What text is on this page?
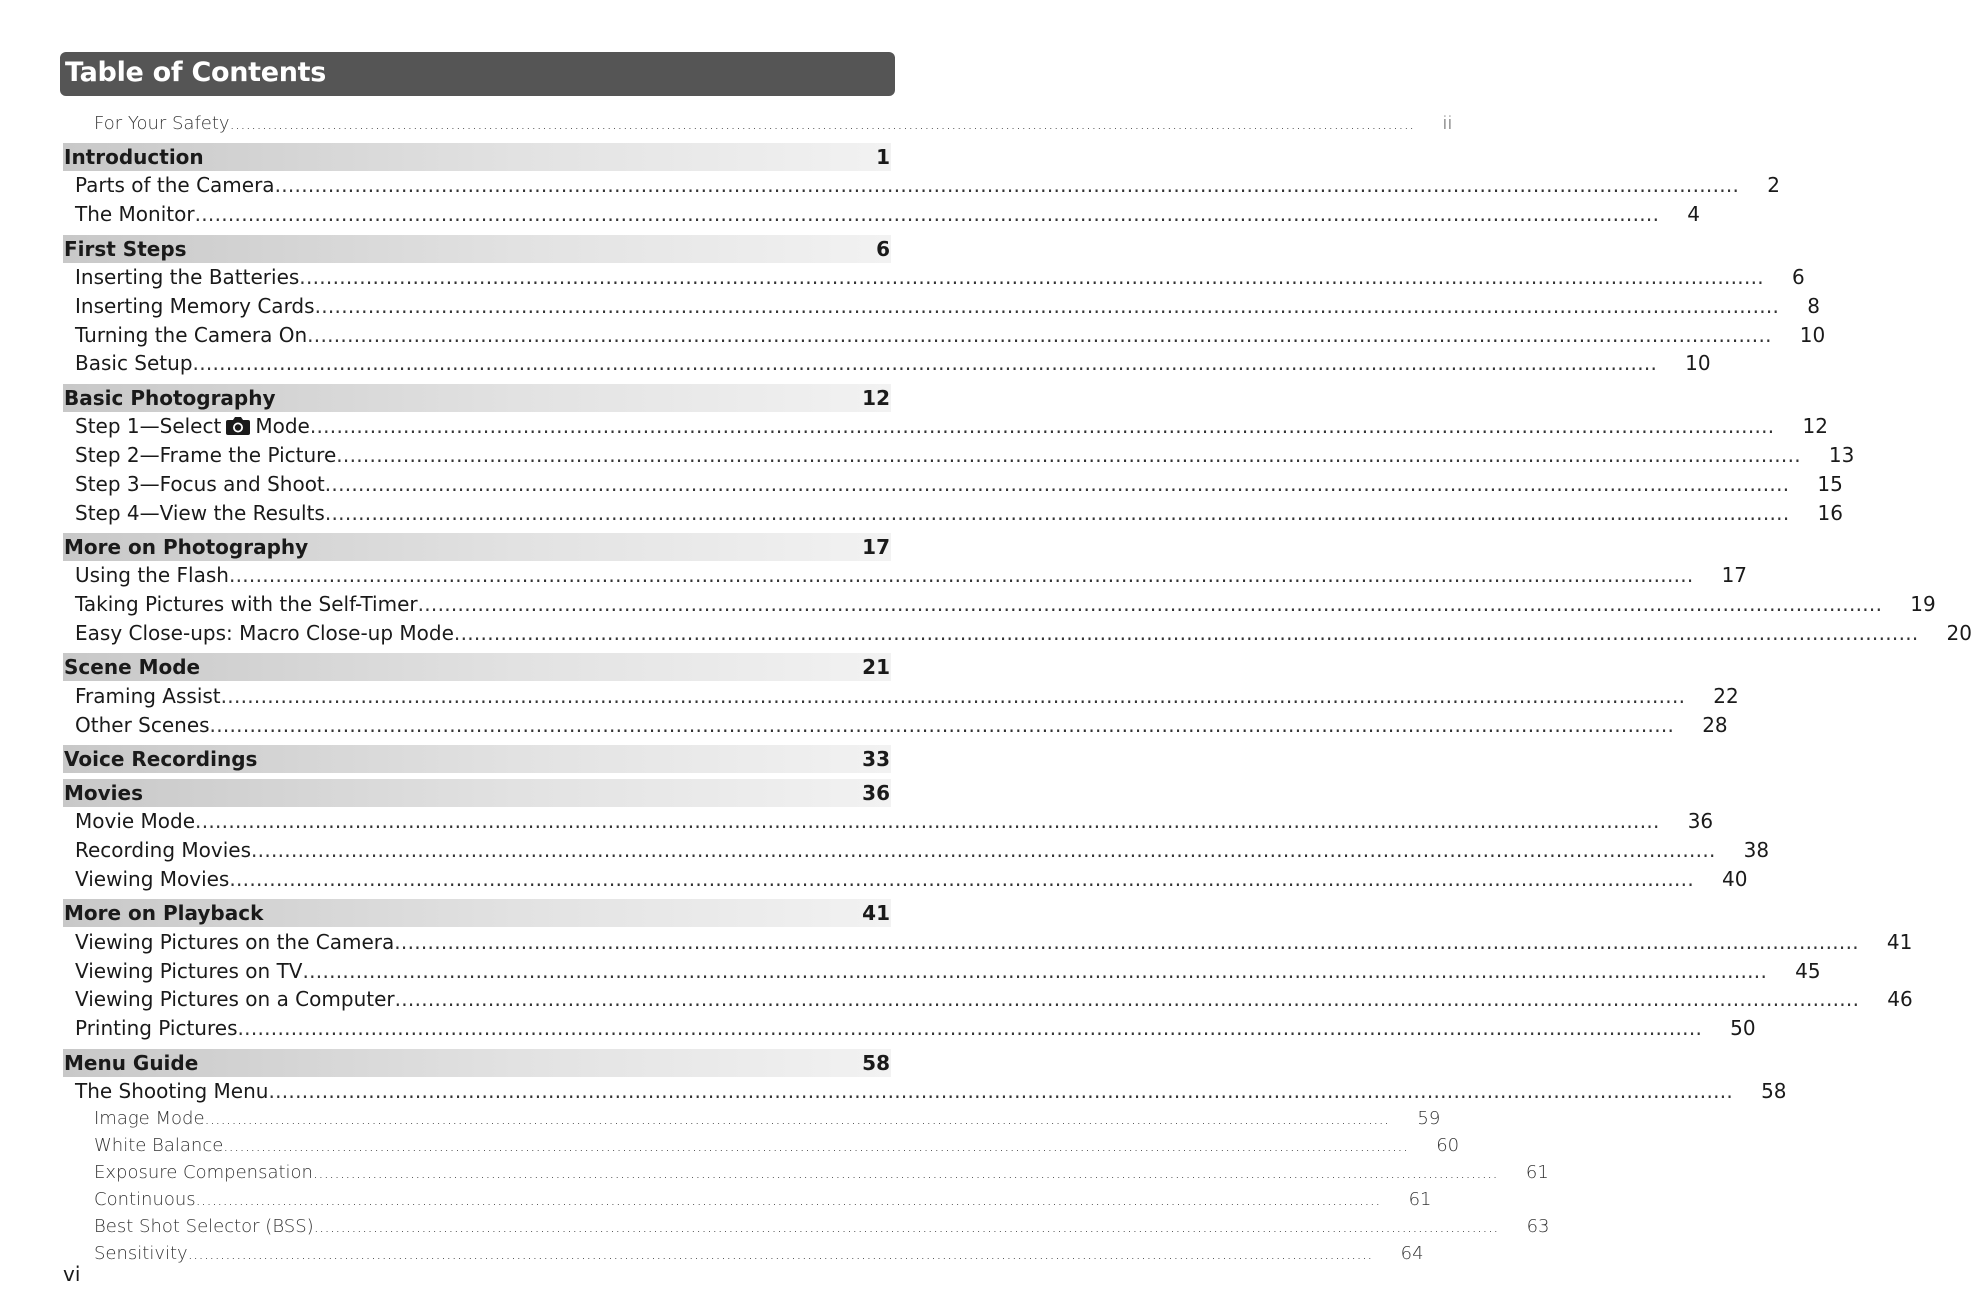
Table of Contents
For Your Safety ............................................................................................................................................................................................................................ ii
Introduction	1
Parts of the Camera ............................................................................................................................................................................................................................ 2
The Monitor ............................................................................................................................................................................................................................ 4
First Steps	6
Inserting the Batteries ............................................................................................................................................................................................................................ 6
Inserting Memory Cards ............................................................................................................................................................................................................................ 8
Turning the Camera On ............................................................................................................................................................................................................................ 10
Basic Setup ............................................................................................................................................................................................................................ 10
Basic Photography	12
Step 1—Select Mode ............................................................................................................................................................................................................................ 12
Step 2—Frame the Picture ............................................................................................................................................................................................................................ 13
Step 3—Focus and Shoot ............................................................................................................................................................................................................................ 15
Step 4—View the Results ............................................................................................................................................................................................................................ 16
More on Photography	17
Using the Flash ............................................................................................................................................................................................................................ 17
Taking Pictures with the Self-Timer ............................................................................................................................................................................................................................ 19
Easy Close-ups: Macro Close-up Mode ............................................................................................................................................................................................................................ 20
Scene Mode	21
Framing Assist ............................................................................................................................................................................................................................ 22
Other Scenes ............................................................................................................................................................................................................................ 28
Voice Recordings	33
Movies	36
Movie Mode ............................................................................................................................................................................................................................ 36
Recording Movies ............................................................................................................................................................................................................................ 38
Viewing Movies ............................................................................................................................................................................................................................ 40
More on Playback	41
Viewing Pictures on the Camera ............................................................................................................................................................................................................................ 41
Viewing Pictures on TV ............................................................................................................................................................................................................................ 45
Viewing Pictures on a Computer ............................................................................................................................................................................................................................ 46
Printing Pictures ............................................................................................................................................................................................................................ 50
Menu Guide	58
The Shooting Menu ............................................................................................................................................................................................................................ 58
Image Mode ............................................................................................................................................................................................................................ 59
White Balance ............................................................................................................................................................................................................................ 60
Exposure Compensation ............................................................................................................................................................................................................................ 61
Continuous ............................................................................................................................................................................................................................ 61
Best Shot Selector (BSS) ............................................................................................................................................................................................................................ 63
Sensitivity ............................................................................................................................................................................................................................ 64
vi
